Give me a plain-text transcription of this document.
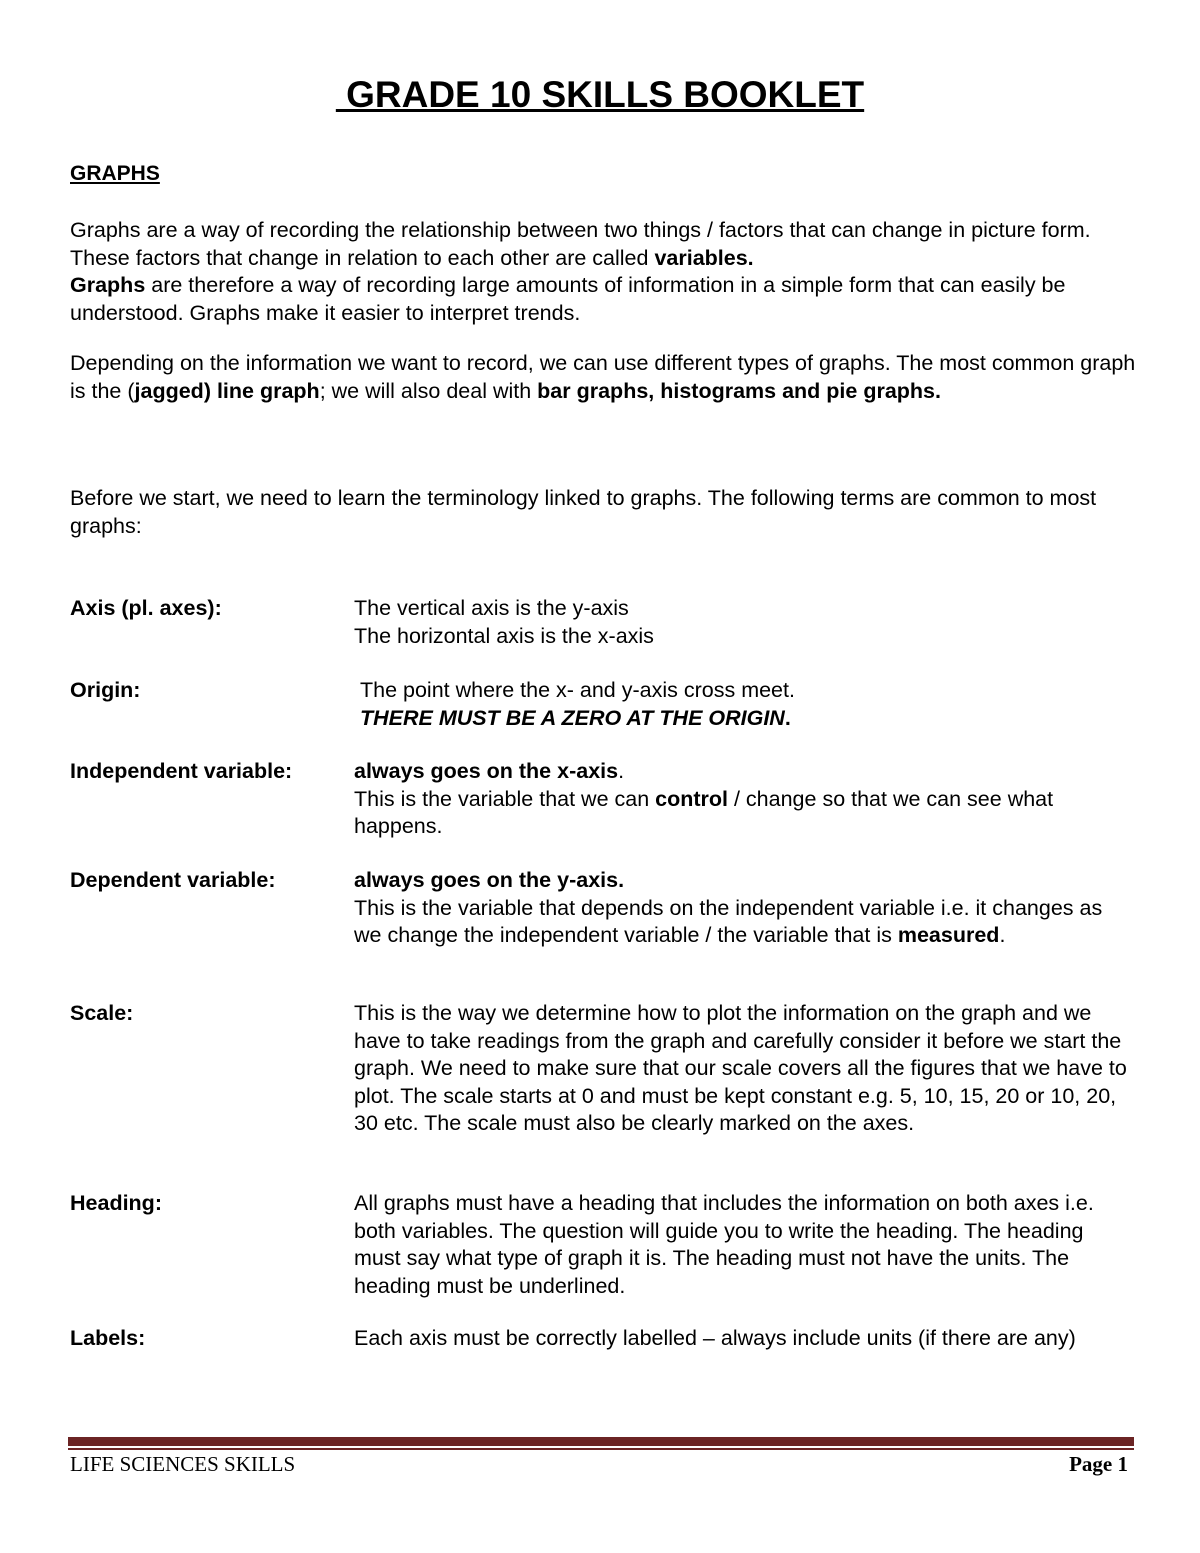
GRADE 10 SKILLS BOOKLET
GRAPHS

Graphs are a way of recording the relationship between two things / factors that can change in picture form. These factors that change in relation to each other are called variables.
Graphs are therefore a way of recording large amounts of information in a simple form that can easily be understood. Graphs make it easier to interpret trends.

Depending on the information we want to record, we can use different types of graphs. The most common graph is the (jagged) line graph; we will also deal with bar graphs, histograms and pie graphs.

Before we start, we need to learn the terminology linked to graphs. The following terms are common to most graphs:

Axis (pl. axes):	The vertical axis is the y-axis
The horizontal axis is the x-axis

Origin:	The point where the x- and y-axis cross meet.
THERE MUST BE A ZERO AT THE ORIGIN.

Independent variable:	always goes on the x-axis.
This is the variable that we can control / change so that we can see what happens.

Dependent variable:	always goes on the y-axis.
This is the variable that depends on the independent variable i.e. it changes as we change the independent variable / the variable that is measured.

Scale:	This is the way we determine how to plot the information on the graph and we have to take readings from the graph and carefully consider it before we start the graph. We need to make sure that our scale covers all the figures that we have to plot. The scale starts at 0 and must be kept constant e.g. 5, 10, 15, 20 or 10, 20, 30 etc. The scale must also be clearly marked on the axes.

Heading:	All graphs must have a heading that includes the information on both axes i.e. both variables. The question will guide you to write the heading. The heading must say what type of graph it is. The heading must not have the units. The heading must be underlined.

Labels:	Each axis must be correctly labelled – always include units (if there are any)

LIFE SCIENCES SKILLS	Page 1
